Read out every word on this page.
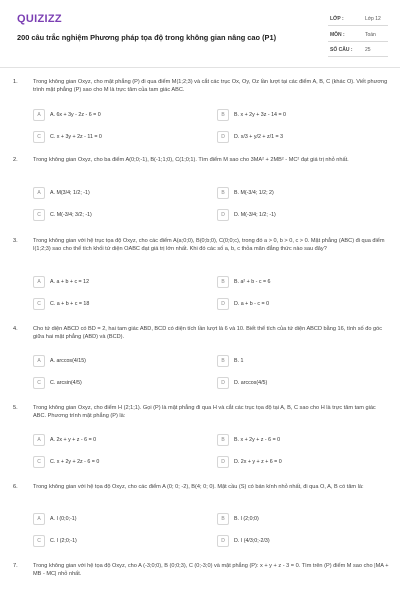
QUIZIZZ
200 câu trắc nghiệm Phương pháp tọa độ trong không gian nâng cao (P1)
LỚP :	Lớp 12
MÔN :	Toán
SỐ CÂU :	25
1.	Trong không gian Oxyz, cho mặt phẳng (P) đi qua điểm M(1;2;3) và cắt các trục Ox, Oy, Oz lần lượt tại các điểm A, B, C (khác O). Viết phương trình mặt phẳng (P) sao cho M là trực tâm của tam giác ABC.
A	A. 6x + 3y - 2z - 6 = 0	B	B. x + 2y + 3z - 14 = 0
C	C. x + 3y + 2z - 11 = 0	D	D. x/3 + y/2 + z/1 = 3
2.	Trong không gian Oxyz, cho ba điểm A(0;0;-1), B(-1;1;0), C(1;0;1). Tìm điểm M sao cho 3MA² + 2MB² - MC² đạt giá trị nhỏ nhất.
A	A. M(3/4; 1/2; -1)	B	B. M(-3/4; 1/2; 2)
C	C. M(-3/4; 3/2; -1)	D	D. M(-3/4; 1/2; -1)
3.	Trong không gian với hệ trục tọa độ Oxyz, cho các điểm A(a;0;0), B(0;b;0), C(0;0;c), trong đó a > 0, b > 0, c > 0. Mặt phẳng (ABC) đi qua điểm I(1;2;3) sao cho thể tích khối tứ diện OABC đạt giá trị lớn nhất. Khi đó các số a, b, c thỏa mãn đẳng thức nào sau đây?
A	A. a + b + c = 12	B	B. a² + b - c = 6
C	C. a + b + c = 18	D	D. a + b - c = 0
4.	Cho tứ diện ABCD có BD = 2, hai tam giác ABD, BCD có diện tích lần lượt là 6 và 10. Biết thể tích của tứ diện ABCD bằng 16, tính số đo góc giữa hai mặt phẳng (ABD) và (BCD).
A	A. arccos(4/15)	B	B. 1
C	C. arcsin(4/5)	D	D. arccos(4/5)
5.	Trong không gian Oxyz, cho điểm H (2;1;1). Gọi (P) là mặt phẳng đi qua H và cắt các trục tọa độ tại A, B, C sao cho H là trực tâm tam giác ABC. Phương trình mặt phẳng (P) là:
A	A. 2x + y + z - 6 = 0	B	B. x + 2y + z - 6 = 0
C	C. x + 2y + 2z - 6 = 0	D	D. 2x + y + z + 6 = 0
6.	Trong không gian với hệ tọa độ Oxyz, cho các điểm A (0; 0; -2), B(4; 0; 0). Mặt cầu (S) có bán kính nhỏ nhất, đi qua O, A, B có tâm là:
A	A. I (0;0;-1)	B	B. I (2;0;0)
C	C. I (2;0;-1)	D	D. I (4/3;0;-2/3)
7.	Trong không gian với hệ tọa độ Oxyz, cho A (-3;0;0), B (0;0;3), C (0;-3;0) và mặt phẳng (P): x + y + z - 3 = 0. Tìm trên (P) điểm M sao cho |MA + MB - MC| nhỏ nhất.
